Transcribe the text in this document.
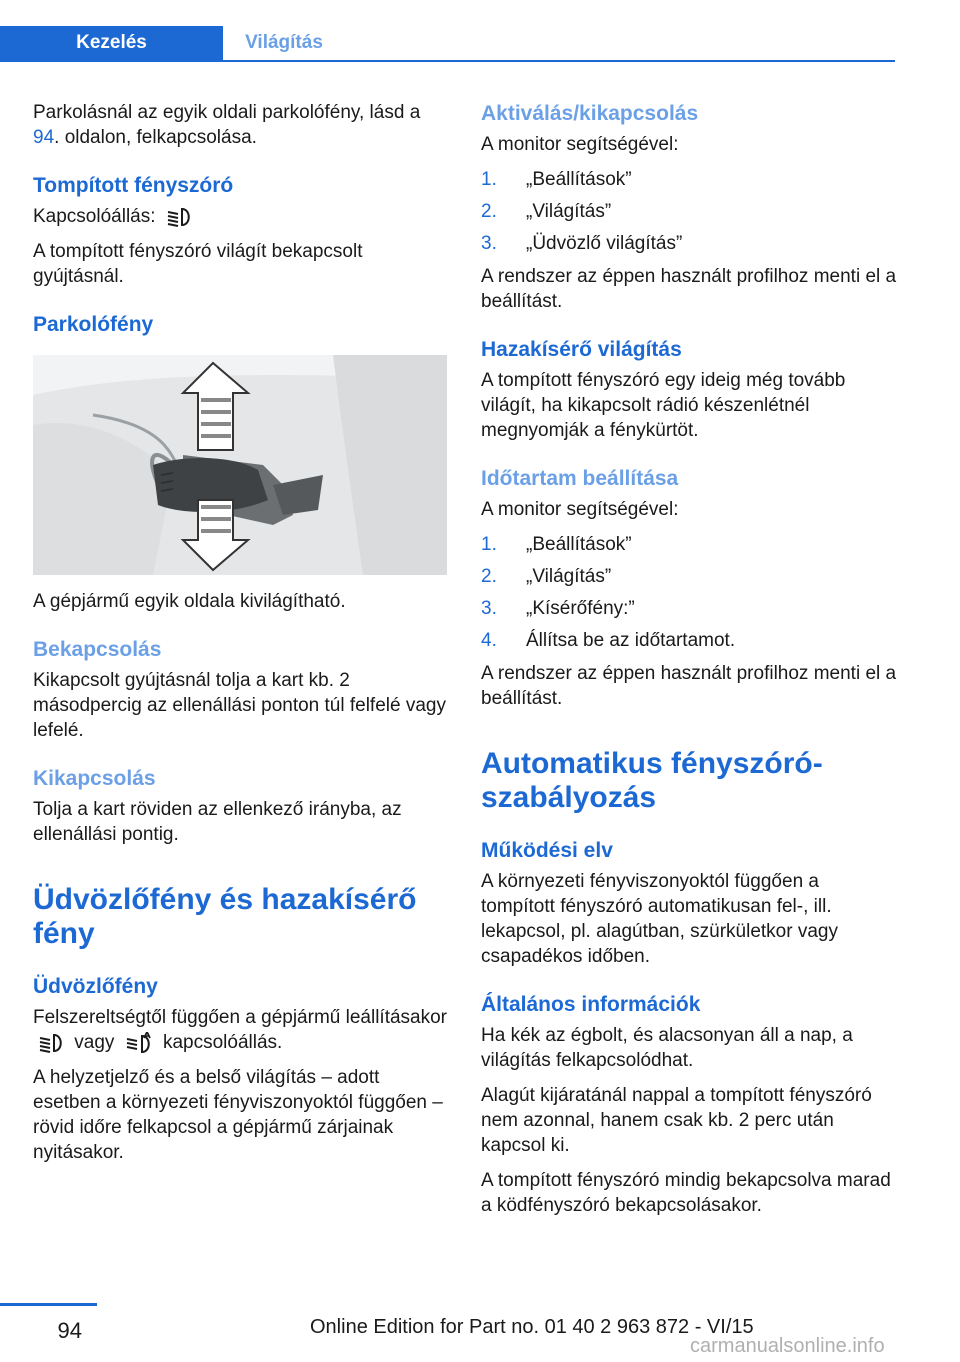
Kezelés	Világítás

Parkolásnál az egyik oldali parkolófény, lásd a 94. oldalon, felkapcsolása.

Tompított fényszóró

Kapcsolóállás:

A tompított fényszóró világít bekapcsolt gyújtásnál.

Parkolófény

A gépjármű egyik oldala kivilágítható.

Bekapcsolás

Kikapcsolt gyújtásnál tolja a kart kb. 2 másodpercig az ellenállási ponton túl felfelé vagy lefelé.

Kikapcsolás

Tolja a kart röviden az ellenkező irányba, az ellenállási pontig.

Üdvözlőfény és hazakísérő fény
Üdvözlőfény

Felszereltségtől függően a gépjármű leállításakor  vagy	kapcsolóállás.

A helyzetjelző és a belső világítás – adott esetben a környezeti fényviszonyoktól függően – rövid időre felkapcsol a gépjármű zárjainak nyitásakor.

Aktiválás/kikapcsolás

A monitor segítségével:

1. „Beállítások”
2. „Világítás”
3. „Üdvözlő világítás”

A rendszer az éppen használt profilhoz menti el a beállítást.

Hazakísérő világítás

A tompított fényszóró egy ideig még tovább világít, ha kikapcsolt rádió készenlétnél megnyomják a fénykürtöt.

Időtartam beállítása

A monitor segítségével:

1. „Beállítások”
2. „Világítás”
3. „Kísérőfény:”
4. Állítsa be az időtartamot.

A rendszer az éppen használt profilhoz menti el a beállítást.

Automatikus fényszóró-szabályozás
Működési elv

A környezeti fényviszonyoktól függően a tompított fényszóró automatikusan fel-, ill. lekapcsol, pl. alagútban, szürkületkor vagy csapadékos időben.

Általános információk

Ha kék az égbolt, és alacsonyan áll a nap, a világítás felkapcsolódhat.

Alagút kijáratánál nappal a tompított fényszóró nem azonnal, hanem csak kb. 2 perc után kapcsol ki.

A tompított fényszóró mindig bekapcsolva marad a ködfényszóró bekapcsolásakor.

94	Online Edition for Part no. 01 40 2 963 872 - VI/15
carmanualsonline.info
